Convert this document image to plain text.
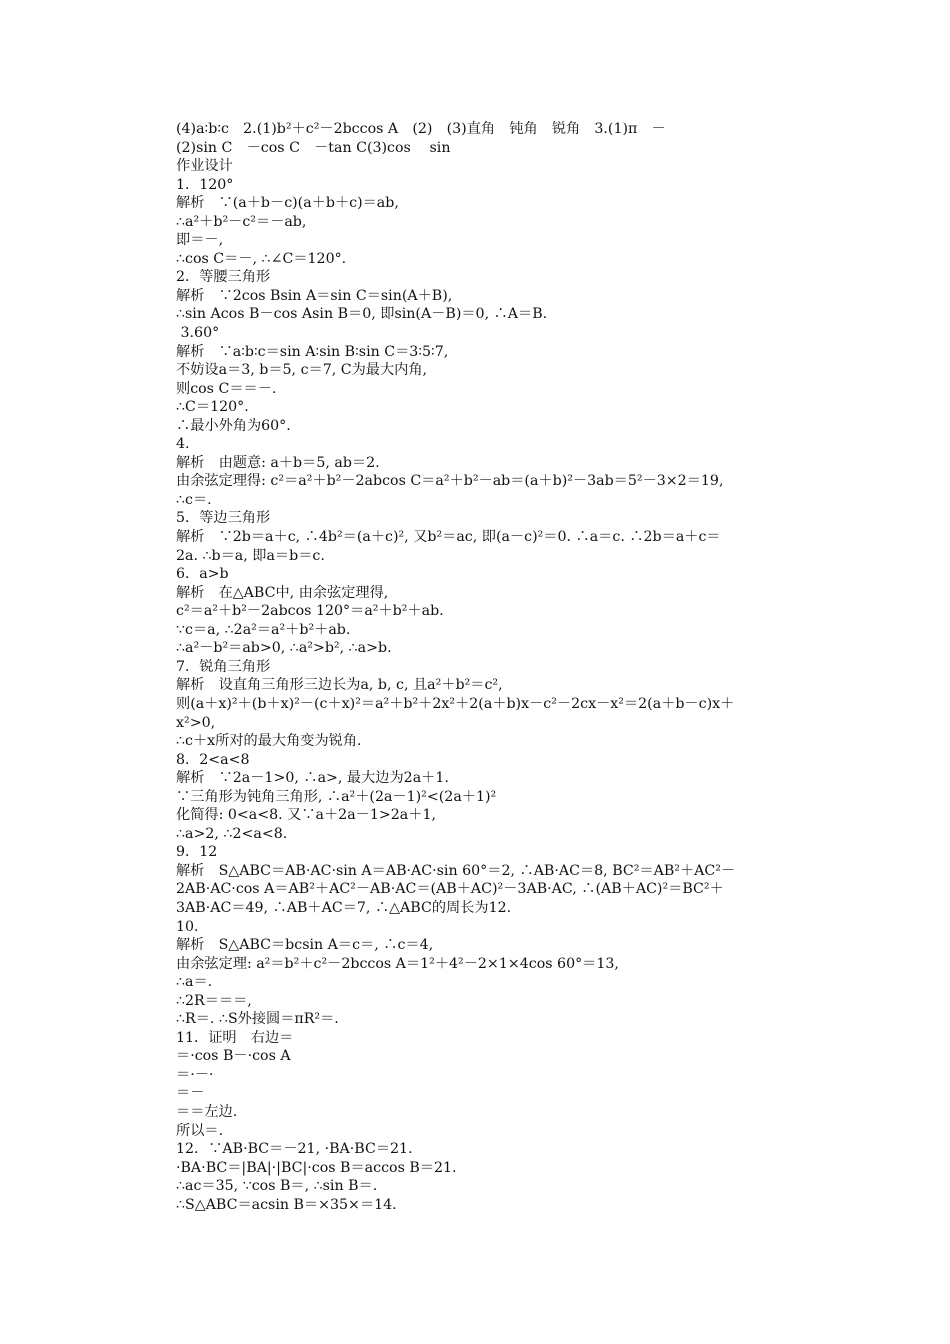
(4)a∶b∶c　2.(1)b²＋c²－2bccos A　(2)　(3)直角　钝角　锐角　3.(1)π　－
(2)sin C　－cos C　－tan C(3)cos　 sin
作业设计
1．120°
解析　∵(a＋b－c)(a＋b＋c)＝ab,
∴a²＋b²－c²＝－ab,
即＝－,
∴cos C＝－, ∴∠C＝120°.
2．等腰三角形
解析　∵2cos Bsin A＝sin C＝sin(A＋B),
∴sin Acos B－cos Asin B＝0, 即sin(A－B)＝0, ∴A＝B.
3.60°
解析　∵a∶b∶c＝sin A∶sin B∶sin C＝3∶5∶7,
不妨设a＝3, b＝5, c＝7, C为最大内角,
则cos C＝＝－.
∴C＝120°.
∴最小外角为60°.
4.
解析　由题意: a＋b＝5, ab＝2.
由余弦定理得: c²＝a²＋b²－2abcos C＝a²＋b²－ab＝(a＋b)²－3ab＝5²－3×2＝19,
∴c＝.
5．等边三角形
解析　∵2b＝a＋c, ∴4b²＝(a＋c)², 又b²＝ac, 即(a－c)²＝0. ∴a＝c. ∴2b＝a＋c＝
2a. ∴b＝a, 即a＝b＝c.
6．a>b
解析　在△ABC中, 由余弦定理得,
c²＝a²＋b²－2abcos 120°＝a²＋b²＋ab.
∵c＝a, ∴2a²＝a²＋b²＋ab.
∴a²－b²＝ab>0, ∴a²>b², ∴a>b.
7．锐角三角形
解析　设直角三角形三边长为a, b, c, 且a²＋b²＝c²,
则(a＋x)²＋(b＋x)²－(c＋x)²＝a²＋b²＋2x²＋2(a＋b)x－c²－2cx－x²＝2(a＋b－c)x＋
x²>0,
∴c＋x所对的最大角变为锐角.
8．2<a<8
解析　∵2a－1>0, ∴a>, 最大边为2a＋1.
∵三角形为钝角三角形, ∴a²＋(2a－1)²<(2a＋1)²
化简得: 0<a<8. 又∵a＋2a－1>2a＋1,
∴a>2, ∴2<a<8.
9．12
解析　S△ABC＝AB·AC·sin A＝AB·AC·sin 60°＝2, ∴AB·AC＝8, BC²＝AB²＋AC²－
2AB·AC·cos A＝AB²＋AC²－AB·AC＝(AB＋AC)²－3AB·AC, ∴(AB＋AC)²＝BC²＋
3AB·AC＝49, ∴AB＋AC＝7, ∴△ABC的周长为12.
10.
解析　S△ABC＝bcsin A＝c＝, ∴c＝4,
由余弦定理: a²＝b²＋c²－2bccos A＝1²＋4²－2×1×4cos 60°＝13,
∴a＝.
∴2R＝＝＝,
∴R＝. ∴S外接圆＝πR²＝.
11．证明　右边＝
＝·cos B－·cos A
＝·－·
＝－
＝＝左边.
所以＝.
12．∵AB·BC＝－21, ·BA·BC＝21.
·BA·BC＝|BA|·|BC|·cos B＝accos B＝21.
∴ac＝35, ∵cos B＝, ∴sin B＝.
∴S△ABC＝acsin B＝×35×＝14.
